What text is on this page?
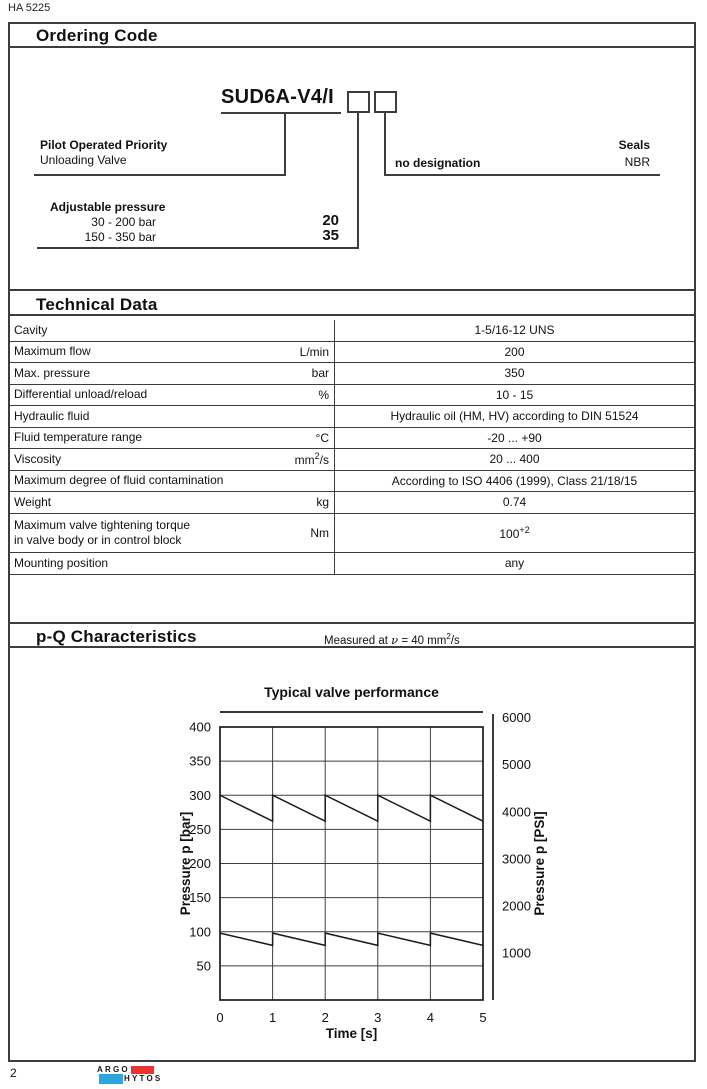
HA 5225
Ordering Code
SUD6A-V4/I
Pilot Operated Priority
Unloading Valve	no designation
Seals
NBR
Adjustable pressure
30 - 200 bar	20
150 - 350 bar	35
Technical Data
Cavity	1-5/16-12 UNS
Maximum flow	L/min	200
Max. pressure	bar	350
Differential unload/reload	%	10 - 15
Hydraulic fluid	Hydraulic oil (HM, HV) according to DIN 51524
Fluid temperature range	°C	-20 ... +90
Viscosity	$mm^2/s$	20 ... 400
Maximum degree of fluid contamination	According to ISO 4406 (1999), Class 21/18/15
Weight	kg	0.74
Maximum valve tightening torque
in valve body or in control block	Nm	$100^{+2}$
Mounting position	any
p-Q Characteristics	Measured at ν = 40 $mm^2/s$
Typical valve performance
50
100
150
200
250
300
350
400
0	1	2	3	4	5
1000
2000
3000
4000
5000
6000
Pressure p [bar]	Pressure p [PSI]
Time [s]
2	ARGO
HYTOS
